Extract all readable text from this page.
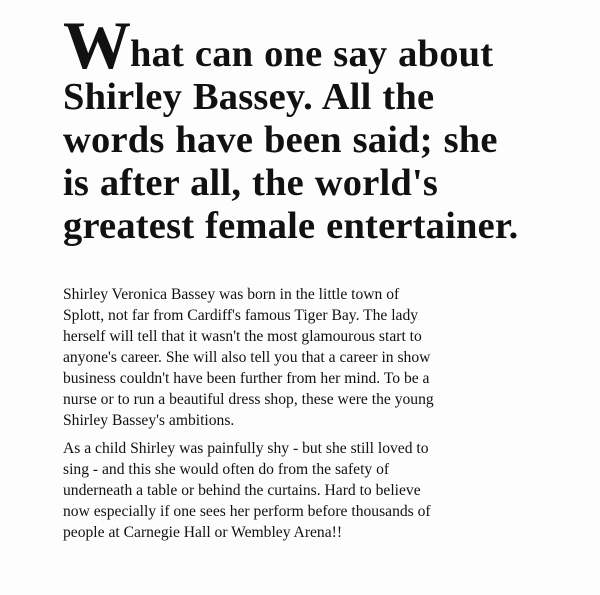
What can one say about
Shirley Bassey. All the
words have been said; she
is after all, the world's
greatest female entertainer.

Shirley Veronica Bassey was born in the little town of
Splott, not far from Cardiff's famous Tiger Bay. The lady
herself will tell that it wasn't the most glamourous start to
anyone's career. She will also tell you that a career in show
business couldn't have been further from her mind. To be a
nurse or to run a beautiful dress shop, these were the young
Shirley Bassey's ambitions.

As a child Shirley was painfully shy - but she still loved to
sing - and this she would often do from the safety of
underneath a table or behind the curtains. Hard to believe
now especially if one sees her perform before thousands of
people at Carnegie Hall or Wembley Arena!!
